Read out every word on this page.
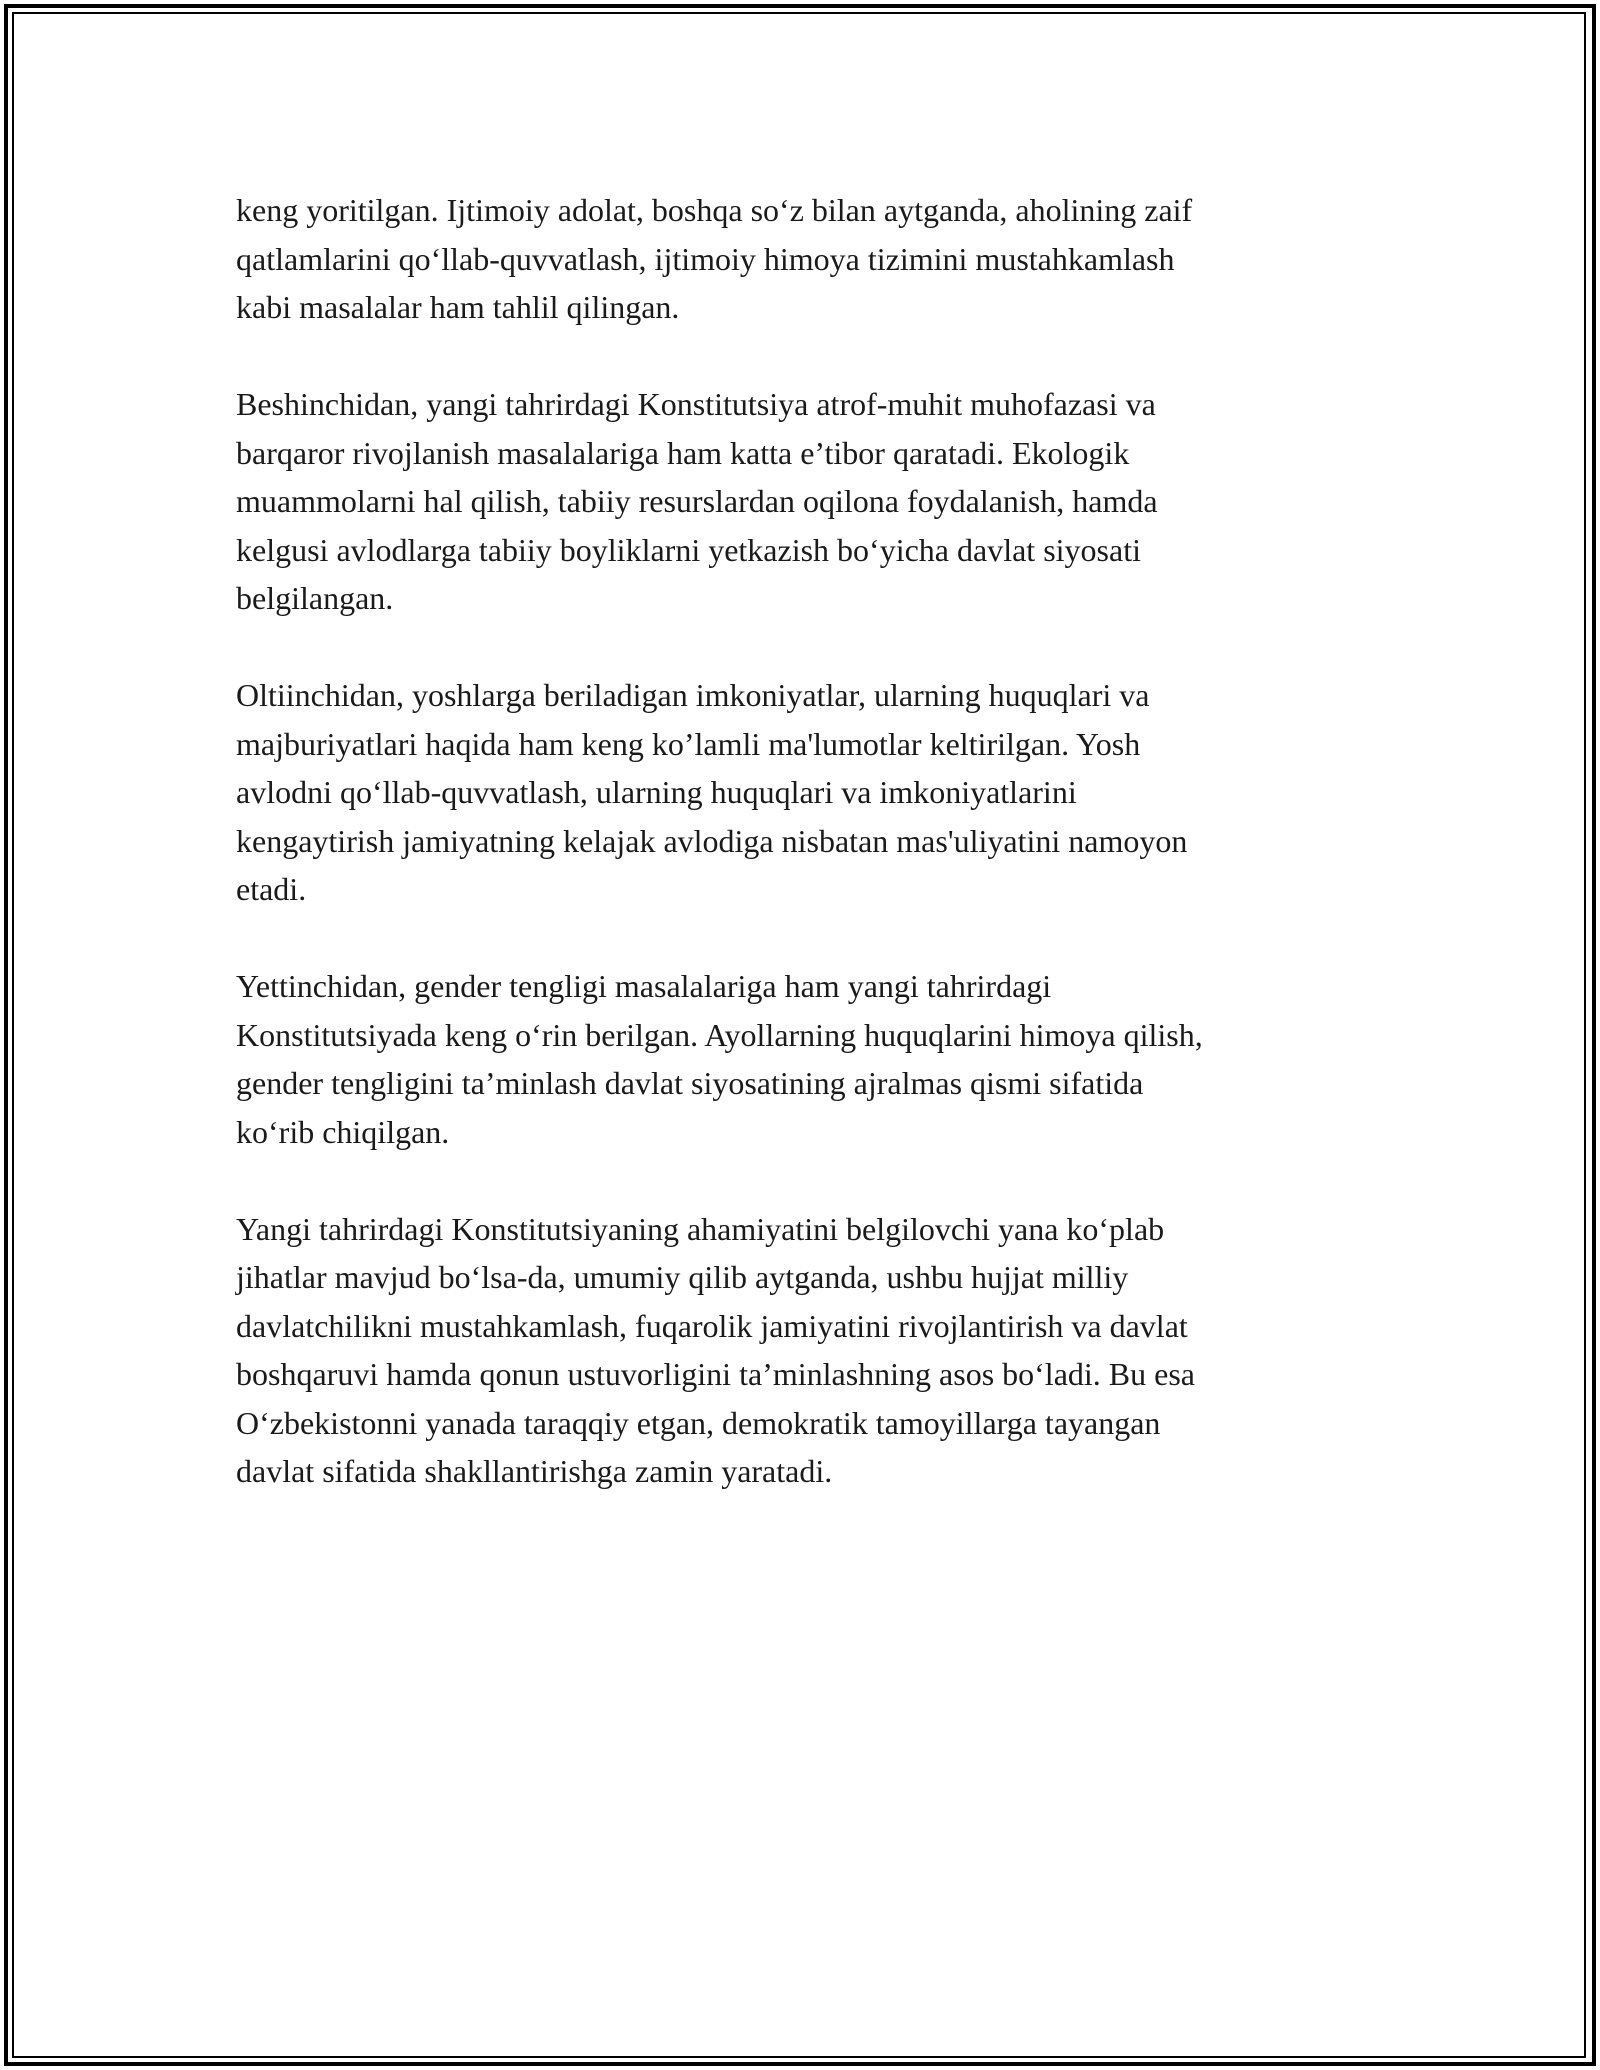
keng yoritilgan. Ijtimoiy adolat, boshqa so‘z bilan aytganda, aholining zaif
qatlamlarini qo‘llab-quvvatlash, ijtimoiy himoya tizimini mustahkamlash
kabi masalalar ham tahlil qilingan.

Beshinchidan, yangi tahrirdagi Konstitutsiya atrof-muhit muhofazasi va
barqaror rivojlanish masalalariga ham katta e’tibor qaratadi. Ekologik
muammolarni hal qilish, tabiiy resurslardan oqilona foydalanish, hamda
kelgusi avlodlarga tabiiy boyliklarni yetkazish bo‘yicha davlat siyosati
belgilangan.

Oltiinchidan, yoshlarga beriladigan imkoniyatlar, ularning huquqlari va
majburiyatlari haqida ham keng ko’lamli ma'lumotlar keltirilgan. Yosh
avlodni qo‘llab-quvvatlash, ularning huquqlari va imkoniyatlarini
kengaytirish jamiyatning kelajak avlodiga nisbatan mas'uliyatini namoyon
etadi.

Yettinchidan, gender tengligi masalalariga ham yangi tahrirdagi
Konstitutsiyada keng o‘rin berilgan. Ayollarning huquqlarini himoya qilish,
gender tengligini ta’minlash davlat siyosatining ajralmas qismi sifatida
ko‘rib chiqilgan.

Yangi tahrirdagi Konstitutsiyaning ahamiyatini belgilovchi yana ko‘plab
jihatlar mavjud bo‘lsa-da, umumiy qilib aytganda, ushbu hujjat milliy
davlatchilikni mustahkamlash, fuqarolik jamiyatini rivojlantirish va davlat
boshqaruvi hamda qonun ustuvorligini ta’minlashning asos bo‘ladi. Bu esa
O‘zbekistonni yanada taraqqiy etgan, demokratik tamoyillarga tayangan
davlat sifatida shakllantirishga zamin yaratadi.
